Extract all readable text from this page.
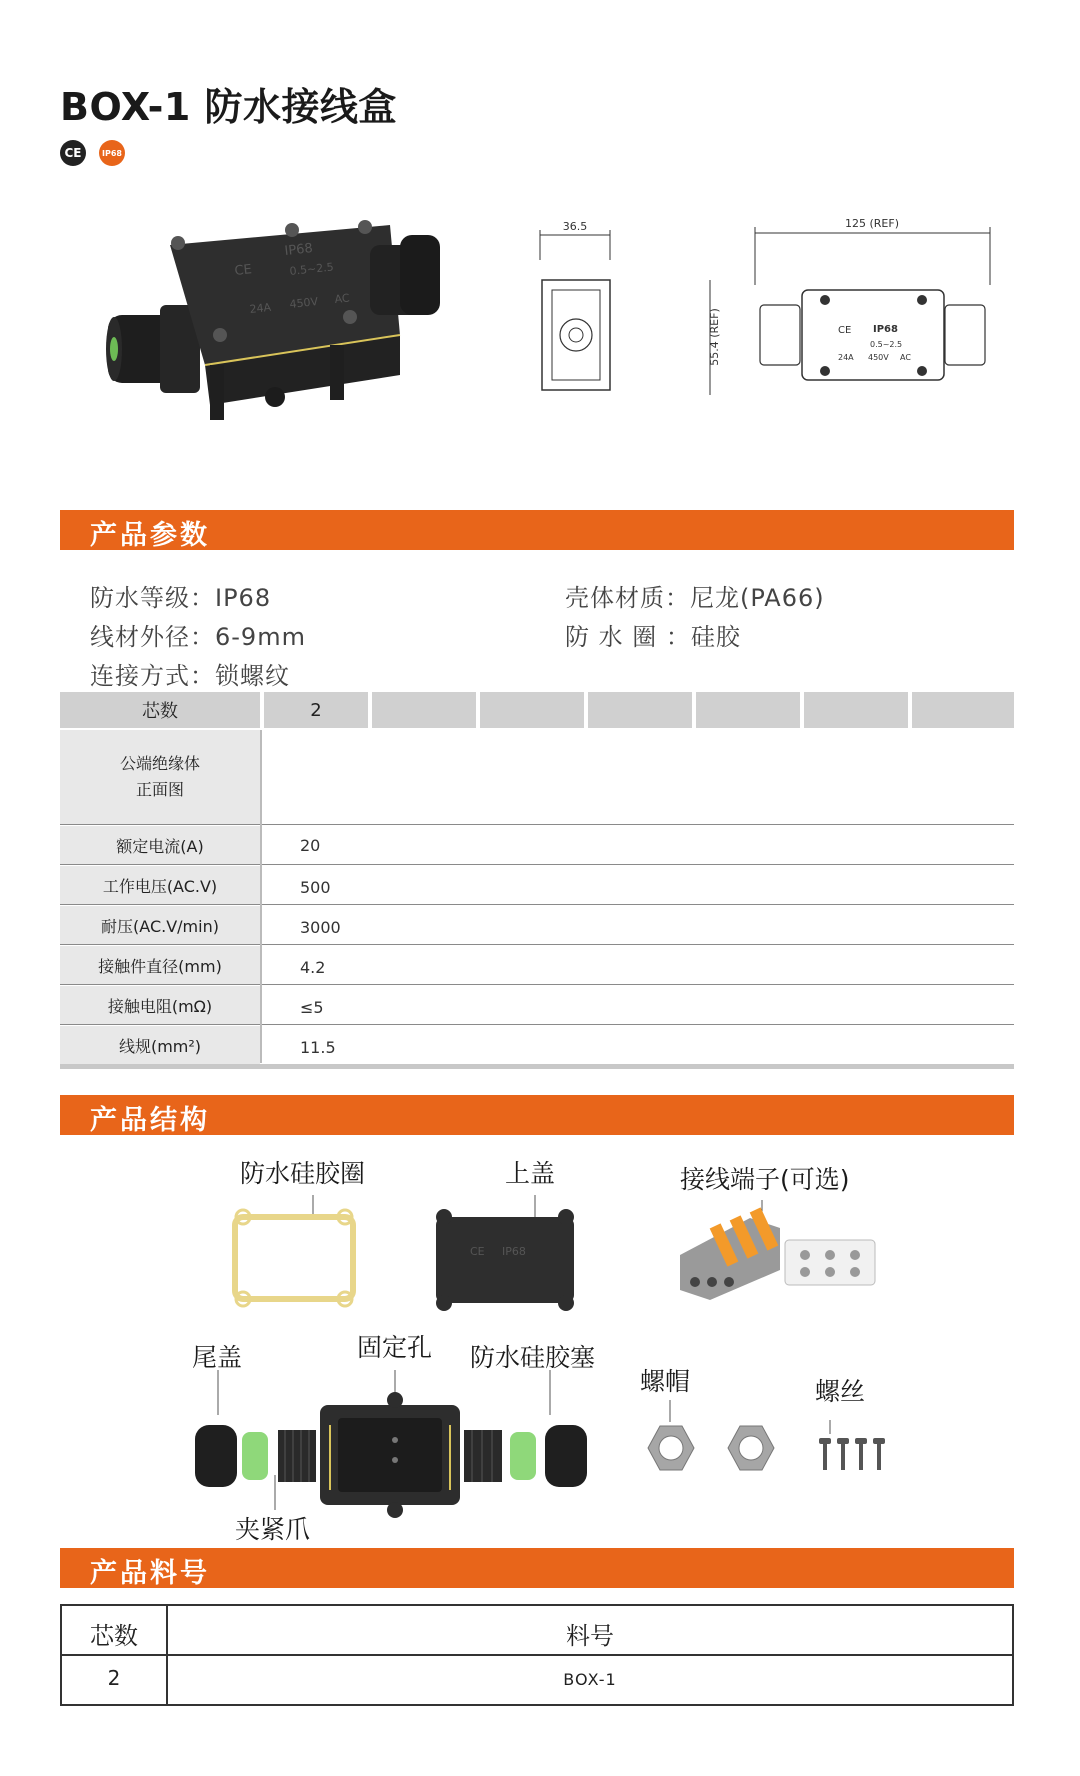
BOX-1 防水接线盒
CE	IP68
CE
IP68
0.5~2.5
24A 450V AC
36.5	125 (REF)
55.4 (REF)	CE IP68
0.5~2.5
24A 450V AC
产品参数
防水等级：IP68
线材外径：6-9mm
连接方式：锁螺纹
壳体材质：尼龙(PA66)
防 水 圈 ：硅胶
芯数	2
公端绝缘体
正面图
额定电流(A)	20
工作电压(AC.V)	500
耐压(AC.V/min)	3000
接触件直径(mm)	4.2
接触电阻(mΩ)	≤5
线规(mm²)	11.5
产品结构
防水硅胶圈	上盖	接线端子(可选)
CE IP68
尾盖	固定孔 防水硅胶塞
螺帽	螺丝
夹紧爪
产品料号
芯数	料号
2	BOX-1
